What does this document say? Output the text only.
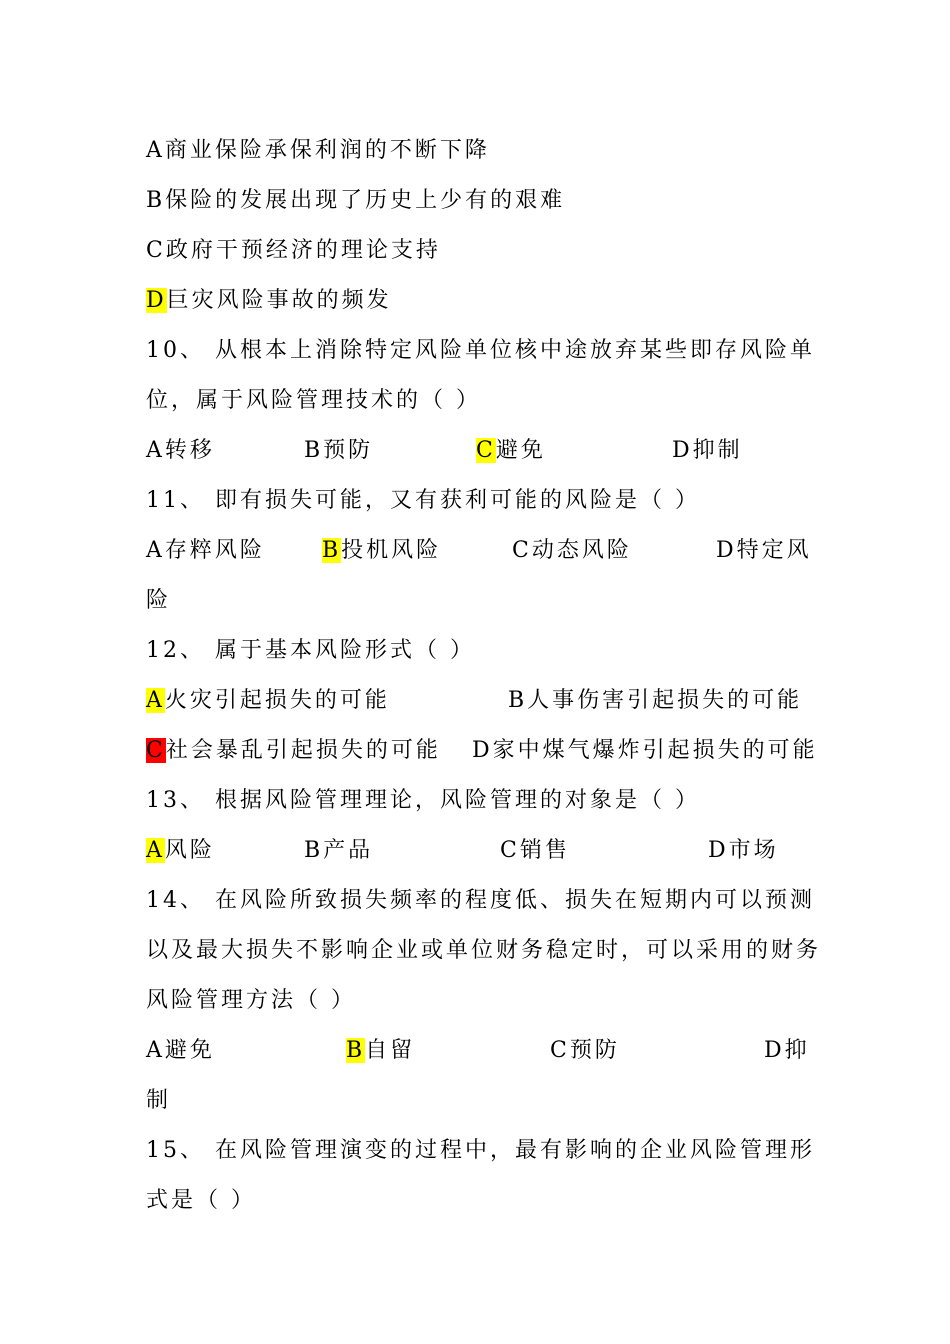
A商业保险承保利润的不断下降
B保险的发展出现了历史上少有的艰难
C政府干预经济的理论支持
D巨灾风险事故的频发
10、 从根本上消除特定风险单位核中途放弃某些即存风险单
位，属于风险管理技术的（ ）
A转移	B预防	C避免	D抑制
11、 即有损失可能，又有获利可能的风险是（ ）
A存粹风险	B投机风险	C动态风险	D特定风
险
12、 属于基本风险形式（ ）
A火灾引起损失的可能	B人事伤害引起损失的可能
C社会暴乱引起损失的可能 D家中煤气爆炸引起损失的可能
13、 根据风险管理理论，风险管理的对象是（ ）
A风险	B产品	C销售	D市场
14、 在风险所致损失频率的程度低、损失在短期内可以预测
以及最大损失不影响企业或单位财务稳定时，可以采用的财务
风险管理方法（ ）
A避免	B自留	C预防	D抑
制
15、 在风险管理演变的过程中，最有影响的企业风险管理形
式是（ ）
